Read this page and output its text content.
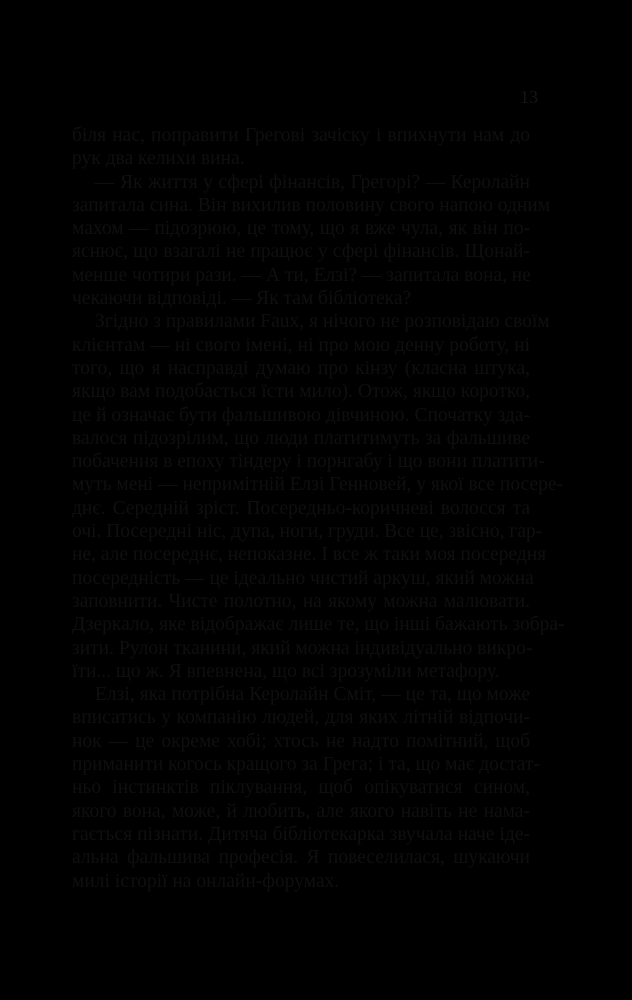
13
біля нас, поправити Грегові зачіску і впихнути нам до
рук два келихи вина.
— Як життя у сфері фінансів, Грегорі? — Керолайн
запитала сина. Він вихилив половину свого напою одним
махом — підозрюю, це тому, що я вже чула, як він по-
яснює, що взагалі не працює у сфері фінансів. Щонай-
менше чотири рази. — А ти, Елзі? — запитала вона, не
чекаючи відповіді. — Як там бібліотека?
Згідно з правилами Faux, я нічого не розповідаю своїм
клієнтам — ні свого імені, ні про мою денну роботу, ні
того, що я насправді думаю про кінзу (класна штука,
якщо вам подобається їсти мило). Отож, якщо коротко,
це й означає бути фальшивою дівчиною. Спочатку зда-
валося підозрілим, що люди платитимуть за фальшиве
побачення в епоху тіндеру і порнгабу і що вони платити-
муть мені — непримітній Елзі Генновей, у якої все посере-
днє. Середній зріст. Посередньо-коричневі волосся та
очі. Посередні ніс, дупа, ноги, груди. Все це, звісно, гар-
не, але посереднє, непоказне. І все ж таки моя посередня
посередність — це ідеально чистий аркуш, який можна
заповнити. Чисте полотно, на якому можна малювати.
Дзеркало, яке відображає лише те, що інші бажають зобра-
зити. Рулон тканини, який можна індивідуально викро-
їти... що ж. Я впевнена, що всі зрозуміли метафору.
Елзі, яка потрібна Керолайн Сміт, — це та, що може
вписатись у компанію людей, для яких літній відпочи-
нок — це окреме хобі; хтось не надто помітний, щоб
приманити когось кращого за Грега; і та, що має достат-
ньо інстинктів піклування, щоб опікуватися сином,
якого вона, може, й любить, але якого навіть не нама-
гається пізнати. Дитяча бібліотекарка звучала наче іде-
альна фальшива професія. Я повеселилася, шукаючи
милі історії на онлайн-форумах.
